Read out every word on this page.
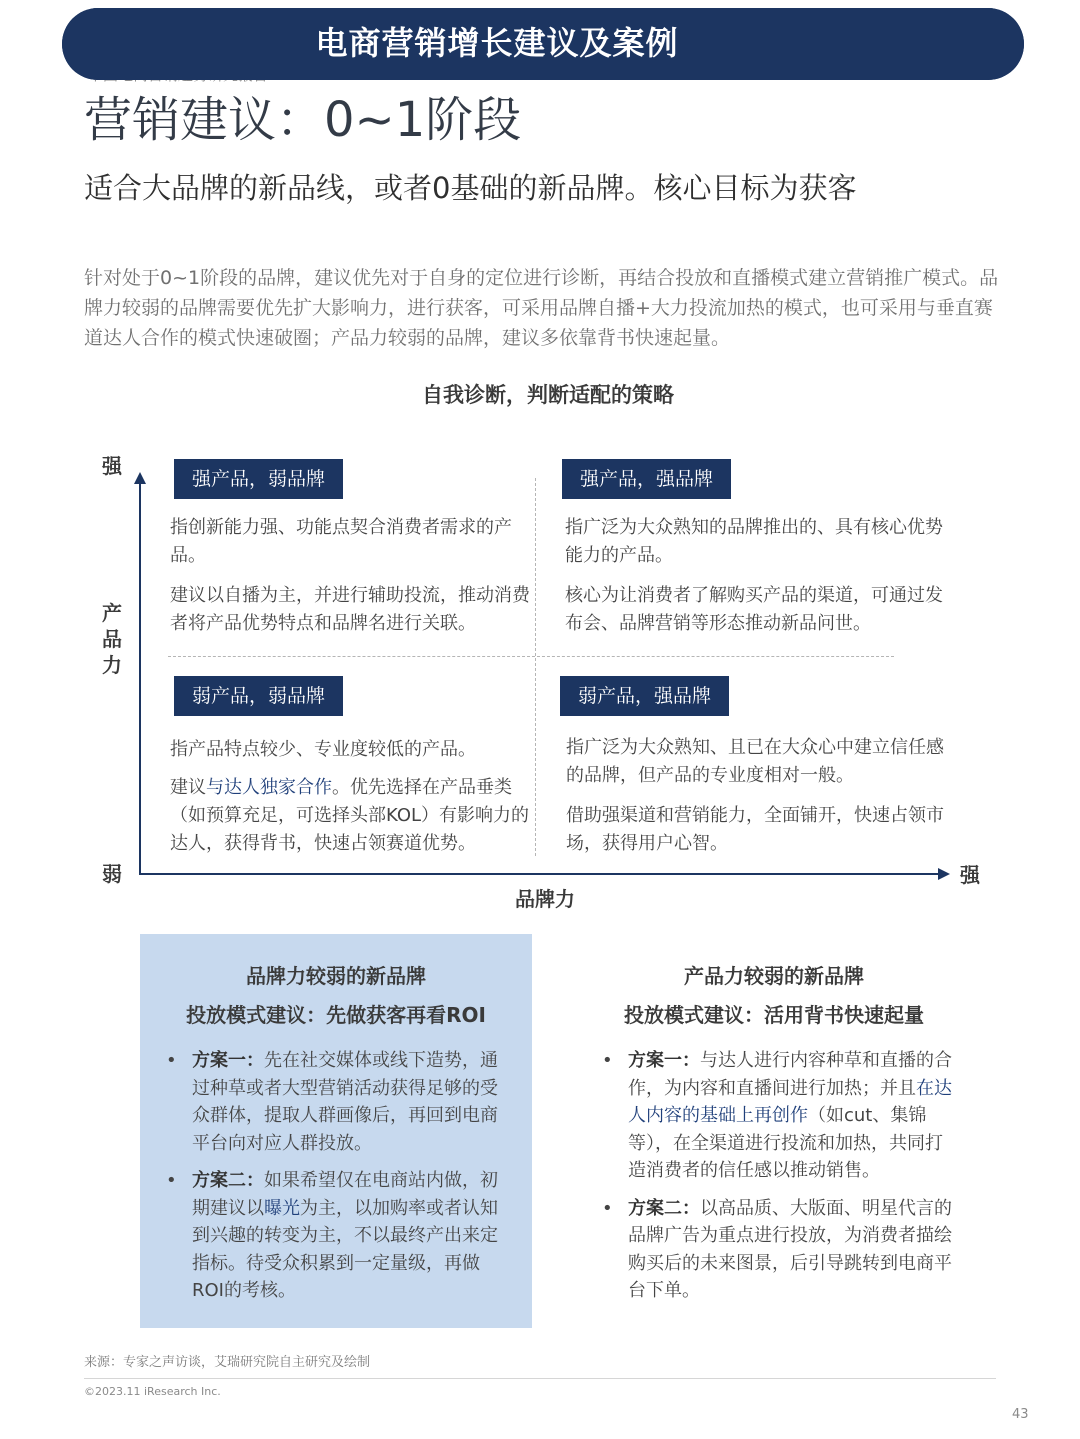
电商营销增长建议及案例
营销建议：0~1阶段
适合大品牌的新品线，或者0基础的新品牌。核心目标为获客
针对处于0~1阶段的品牌，建议优先对于自身的定位进行诊断，再结合投放和直播模式建立营销推广模式。品牌力较弱的品牌需要优先扩大影响力，进行获客，可采用品牌自播+大力投流加热的模式，也可采用与垂直赛道达人合作的模式快速破圈；产品力较弱的品牌，建议多依靠背书快速起量。
自我诊断，判断适配的策略
强
产品力
弱	强
品牌力
强产品，弱品牌
指创新能力强、功能点契合消费者需求的产品。
建议以自播为主，并进行辅助投流，推动消费者将产品优势特点和品牌名进行关联。
强产品，强品牌
指广泛为大众熟知的品牌推出的、具有核心优势能力的产品。
核心为让消费者了解购买产品的渠道，可通过发布会、品牌营销等形态推动新品问世。
弱产品，弱品牌
指产品特点较少、专业度较低的产品。
建议与达人独家合作。优先选择在产品垂类（如预算充足，可选择头部KOL）有影响力的达人，获得背书，快速占领赛道优势。
弱产品，强品牌
指广泛为大众熟知、且已在大众心中建立信任感的品牌，但产品的专业度相对一般。
借助强渠道和营销能力，全面铺开，快速占领市场，获得用户心智。
品牌力较弱的新品牌
投放模式建议：先做获客再看ROI
• 方案一：先在社交媒体或线下造势，通过种草或者大型营销活动获得足够的受众群体，提取人群画像后，再回到电商平台向对应人群投放。
• 方案二：如果希望仅在电商站内做，初期建议以曝光为主，以加购率或者认知到兴趣的转变为主，不以最终产出来定指标。待受众积累到一定量级，再做ROI的考核。
产品力较弱的新品牌
投放模式建议：活用背书快速起量
• 方案一：与达人进行内容种草和直播的合作，为内容和直播间进行加热；并且在达人内容的基础上再创作（如cut、集锦等），在全渠道进行投流和加热，共同打造消费者的信任感以推动销售。
• 方案二：以高品质、大版面、明星代言的品牌广告为重点进行投放，为消费者描绘购买后的未来图景，后引导跳转到电商平台下单。
来源：专家之声访谈，艾瑞研究院自主研究及绘制
©2023.11 iResearch Inc.
43
